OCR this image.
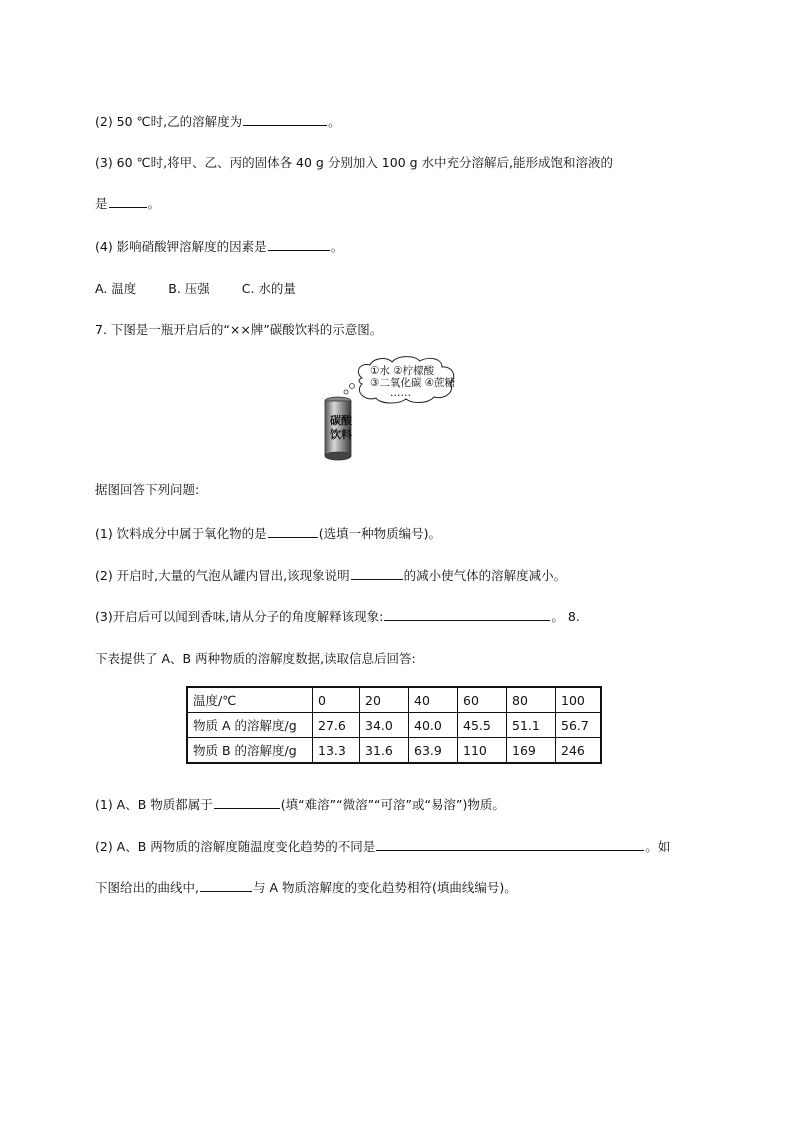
(2) 50 ℃时,乙的溶解度为	。
(3) 60 ℃时,将甲、乙、丙的固体各 40 g 分别加入 100 g 水中充分溶解后,能形成饱和溶液的
是	。
(4) 影响硝酸钾溶解度的因素是	。
A. 温度	B. 压强	C. 水的量
7. 下图是一瓶开启后的“××牌”碳酸饮料的示意图。
碳酸
饮料
①水 ②柠檬酸
③二氧化碳 ④蔗糖
……
据图回答下列问题:
(1) 饮料成分中属于氧化物的是	(选填一种物质编号)。
(2) 开启时,大量的气泡从罐内冒出,该现象说明	的减小使气体的溶解度减小。
(3)开启后可以闻到香味,请从分子的角度解释该现象:	。 8.
下表提供了 A、B 两种物质的溶解度数据,读取信息后回答:
温度/℃	0	20	40	60	80	100
物质 A 的溶解度/g	27.6	34.0	40.0	45.5	51.1	56.7
物质 B 的溶解度/g	13.3	31.6	63.9	110	169	246
(1) A、B 物质都属于	(填“难溶”“微溶”“可溶”或“易溶”)物质。
(2) A、B 两物质的溶解度随温度变化趋势的不同是	。如
下图给出的曲线中,	与 A 物质溶解度的变化趋势相符(填曲线编号)。
